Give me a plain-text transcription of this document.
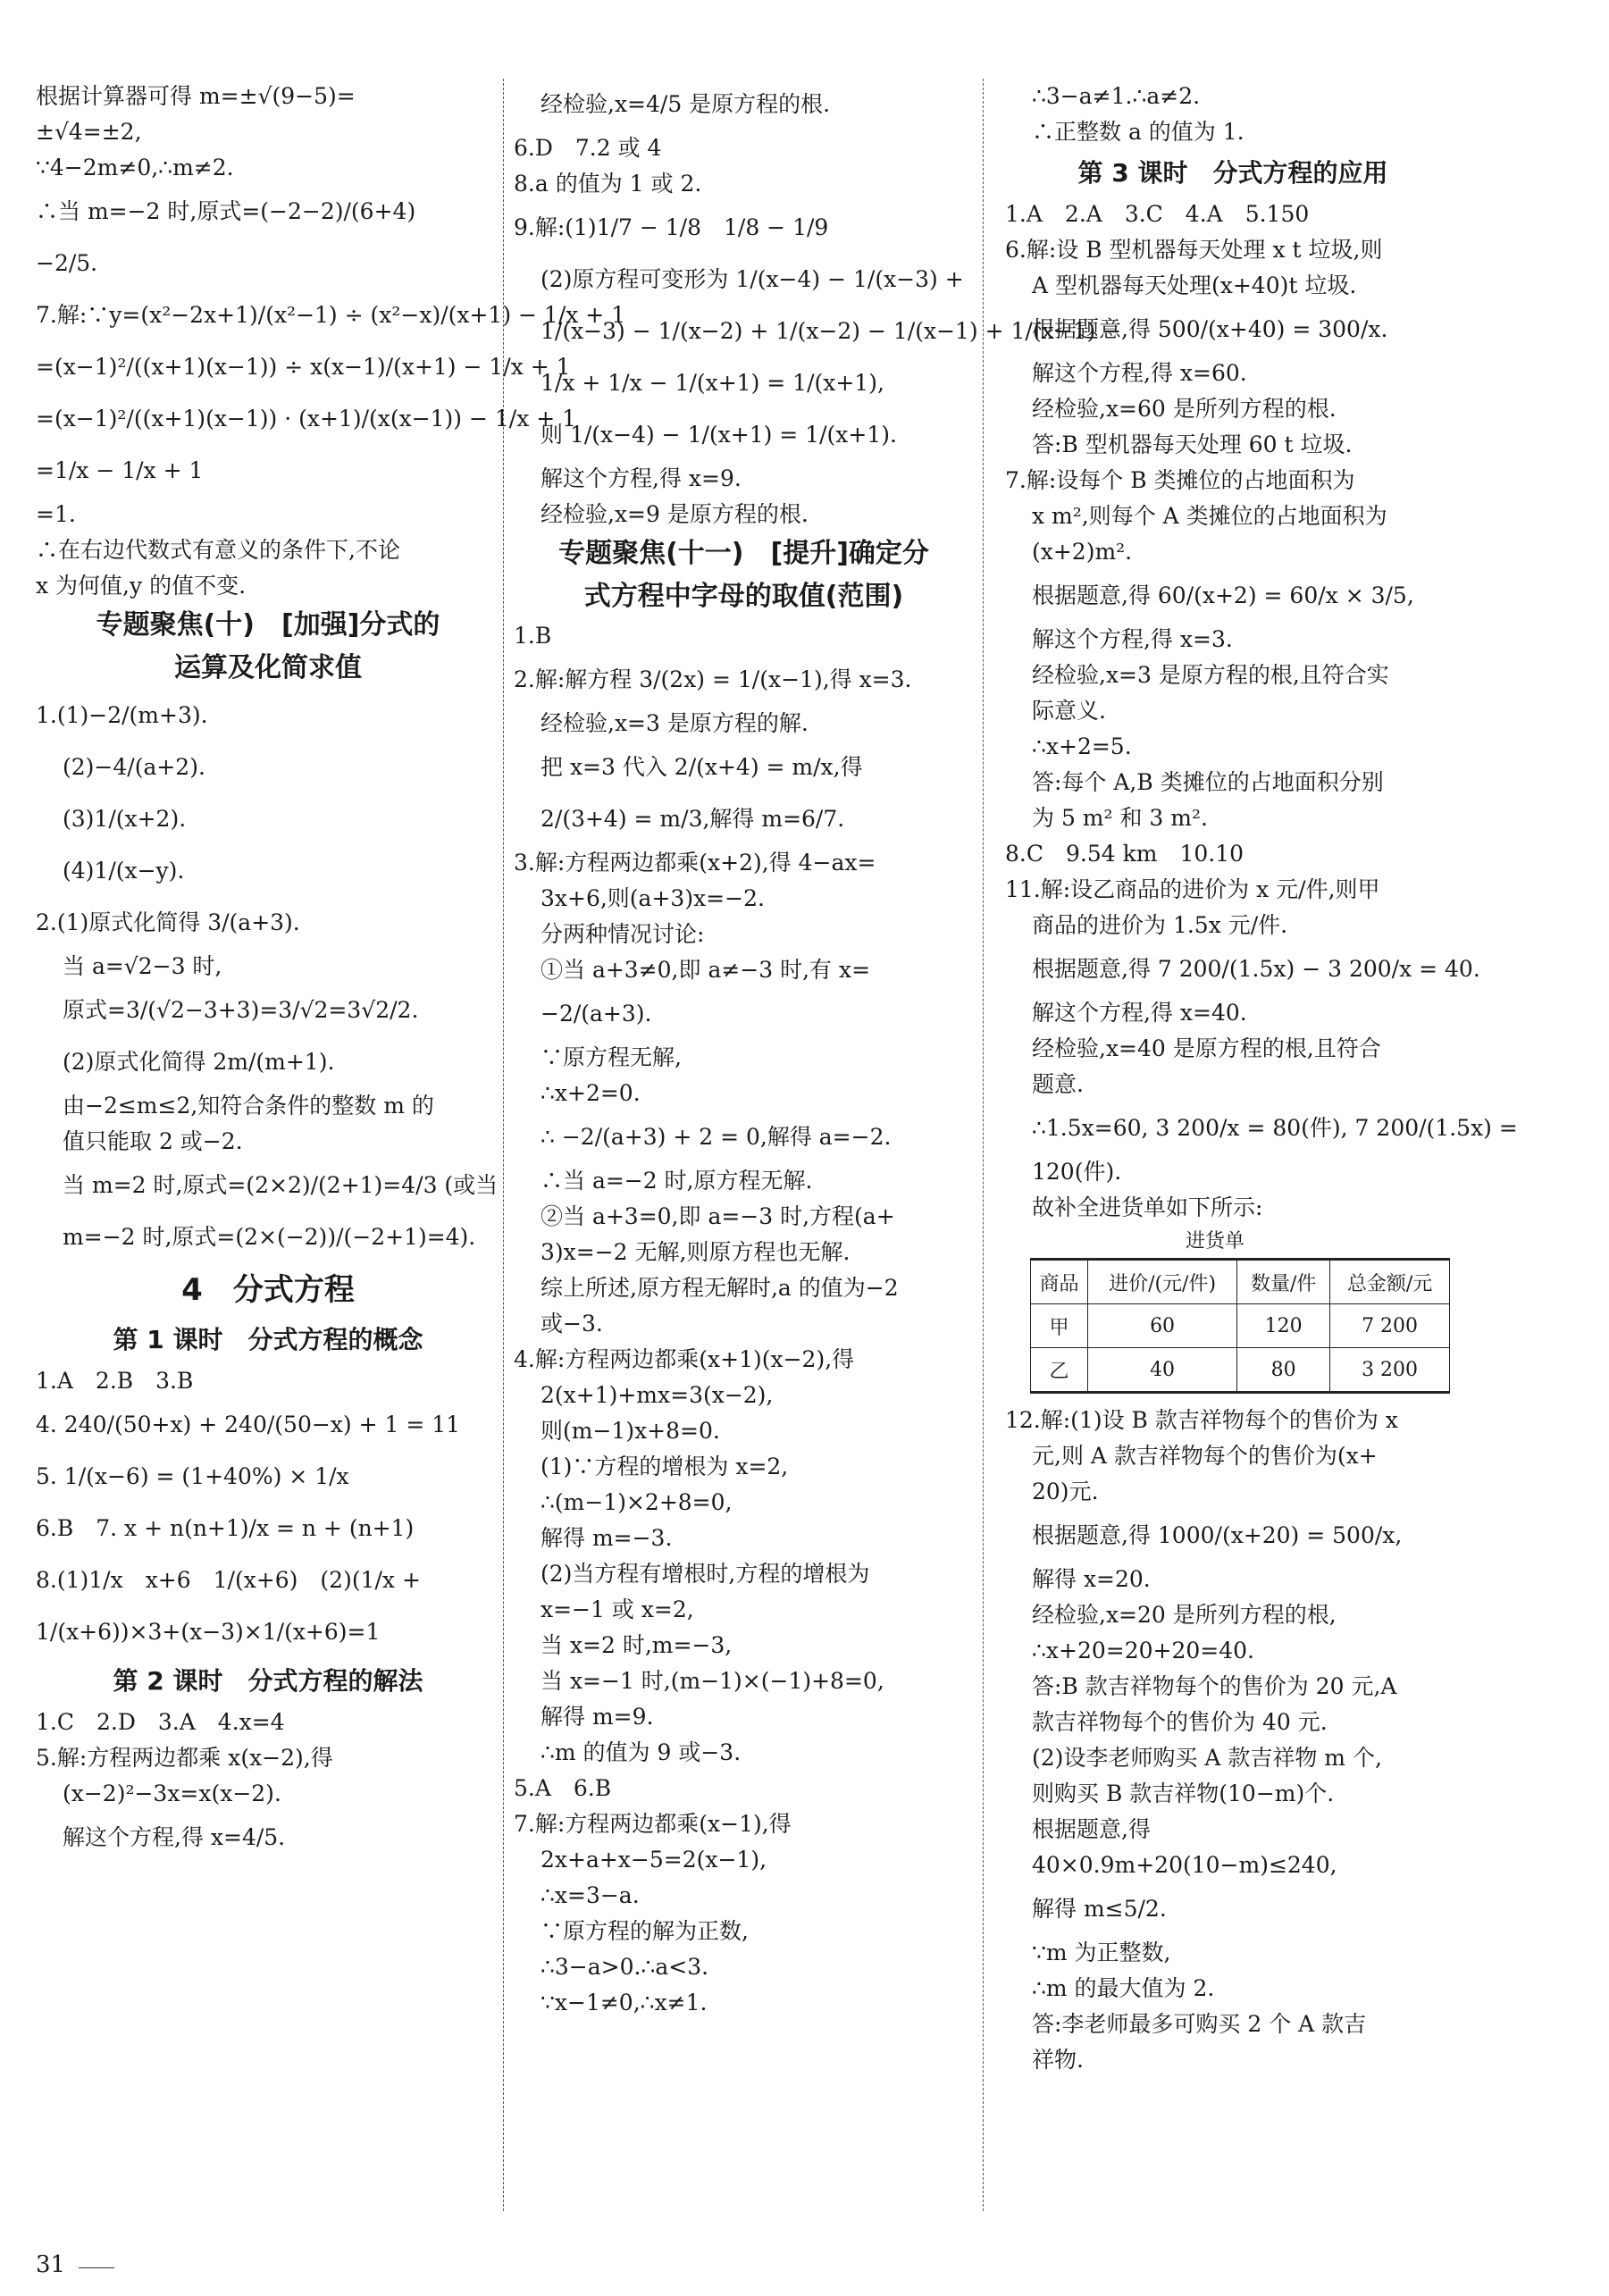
根据计算器可得 m=±√(9−5)=
±√4=±2,
∵4−2m≠0,∴m≠2.
∴当 m=−2 时,原式=(−2−2)/(6+4)
−2/5.
7.解:∵y=(x²−2x+1)/(x²−1) ÷ (x²−x)/(x+1) − 1/x + 1
=(x−1)²/((x+1)(x−1)) ÷ x(x−1)/(x+1) − 1/x + 1
=(x−1)²/((x+1)(x−1)) · (x+1)/(x(x−1)) − 1/x + 1
=1/x − 1/x + 1
=1.
∴在右边代数式有意义的条件下,不论
x 为何值,y 的值不变.
专题聚焦(十)　[加强]分式的
运算及化简求值
1.(1)−2/(m+3).
(2)−4/(a+2).
(3)1/(x+2).
(4)1/(x−y).
2.(1)原式化简得 3/(a+3).
当 a=√2−3 时,
原式=3/(√2−3+3)=3/√2=3√2/2.
(2)原式化简得 2m/(m+1).
由−2≤m≤2,知符合条件的整数 m 的
值只能取 2 或−2.
当 m=2 时,原式=(2×2)/(2+1)=4/3 (或当
m=−2 时,原式=(2×(−2))/(−2+1)=4).
4　分式方程
第 1 课时　分式方程的概念
1.A　2.B　3.B
4. 240/(50+x) + 240/(50−x) + 1 = 11
5. 1/(x−6) = (1+40%) × 1/x
6.B　7. x + n(n+1)/x = n + (n+1)
8.(1)1/x　x+6　1/(x+6)　(2)(1/x +
1/(x+6))×3+(x−3)×1/(x+6)=1
第 2 课时　分式方程的解法
1.C　2.D　3.A　4.x=4
5.解:方程两边都乘 x(x−2),得
(x−2)²−3x=x(x−2).
解这个方程,得 x=4/5.
经检验,x=4/5 是原方程的根.
6.D　7.2 或 4
8.a 的值为 1 或 2.
9.解:(1)1/7 − 1/8　1/8 − 1/9
(2)原方程可变形为 1/(x−4) − 1/(x−3) +
1/(x−3) − 1/(x−2) + 1/(x−2) − 1/(x−1) + 1/(x−1) −
1/x + 1/x − 1/(x+1) = 1/(x+1),
则 1/(x−4) − 1/(x+1) = 1/(x+1).
解这个方程,得 x=9.
经检验,x=9 是原方程的根.
专题聚焦(十一)　[提升]确定分
式方程中字母的取值(范围)
1.B
2.解:解方程 3/(2x) = 1/(x−1),得 x=3.
经检验,x=3 是原方程的解.
把 x=3 代入 2/(x+4) = m/x,得
2/(3+4) = m/3,解得 m=6/7.
3.解:方程两边都乘(x+2),得 4−ax=
3x+6,则(a+3)x=−2.
分两种情况讨论:
①当 a+3≠0,即 a≠−3 时,有 x=
−2/(a+3).
∵原方程无解,
∴x+2=0.
∴ −2/(a+3) + 2 = 0,解得 a=−2.
∴当 a=−2 时,原方程无解.
②当 a+3=0,即 a=−3 时,方程(a+
3)x=−2 无解,则原方程也无解.
综上所述,原方程无解时,a 的值为−2
或−3.
4.解:方程两边都乘(x+1)(x−2),得
2(x+1)+mx=3(x−2),
则(m−1)x+8=0.
(1)∵方程的增根为 x=2,
∴(m−1)×2+8=0,
解得 m=−3.
(2)当方程有增根时,方程的增根为
x=−1 或 x=2,
当 x=2 时,m=−3,
当 x=−1 时,(m−1)×(−1)+8=0,
解得 m=9.
∴m 的值为 9 或−3.
5.A　6.B
7.解:方程两边都乘(x−1),得
2x+a+x−5=2(x−1),
∴x=3−a.
∵原方程的解为正数,
∴3−a>0.∴a<3.
∵x−1≠0,∴x≠1.
∴3−a≠1.∴a≠2.
∴正整数 a 的值为 1.
第 3 课时　分式方程的应用
1.A　2.A　3.C　4.A　5.150
6.解:设 B 型机器每天处理 x t 垃圾,则
A 型机器每天处理(x+40)t 垃圾.
根据题意,得 500/(x+40) = 300/x.
解这个方程,得 x=60.
经检验,x=60 是所列方程的根.
答:B 型机器每天处理 60 t 垃圾.
7.解:设每个 B 类摊位的占地面积为
x m²,则每个 A 类摊位的占地面积为
(x+2)m².
根据题意,得 60/(x+2) = 60/x × 3/5,
解这个方程,得 x=3.
经检验,x=3 是原方程的根,且符合实
际意义.
∴x+2=5.
答:每个 A,B 类摊位的占地面积分别
为 5 m² 和 3 m².
8.C　9.54 km　10.10
11.解:设乙商品的进价为 x 元/件,则甲
商品的进价为 1.5x 元/件.
根据题意,得 7 200/(1.5x) − 3 200/x = 40.
解这个方程,得 x=40.
经检验,x=40 是原方程的根,且符合
题意.
∴1.5x=60, 3 200/x = 80(件), 7 200/(1.5x) =
120(件).
故补全进货单如下所示:
进货单
商品	进价/(元/件)	数量/件	总金额/元
甲	60	120	7 200
乙	40	80	3 200
12.解:(1)设 B 款吉祥物每个的售价为 x
元,则 A 款吉祥物每个的售价为(x+
20)元.
根据题意,得 1000/(x+20) = 500/x,
解得 x=20.
经检验,x=20 是所列方程的根,
∴x+20=20+20=40.
答:B 款吉祥物每个的售价为 20 元,A
款吉祥物每个的售价为 40 元.
(2)设李老师购买 A 款吉祥物 m 个,
则购买 B 款吉祥物(10−m)个.
根据题意,得
40×0.9m+20(10−m)≤240,
解得 m≤5/2.
∵m 为正整数,
∴m 的最大值为 2.
答:李老师最多可购买 2 个 A 款吉
祥物.
31
